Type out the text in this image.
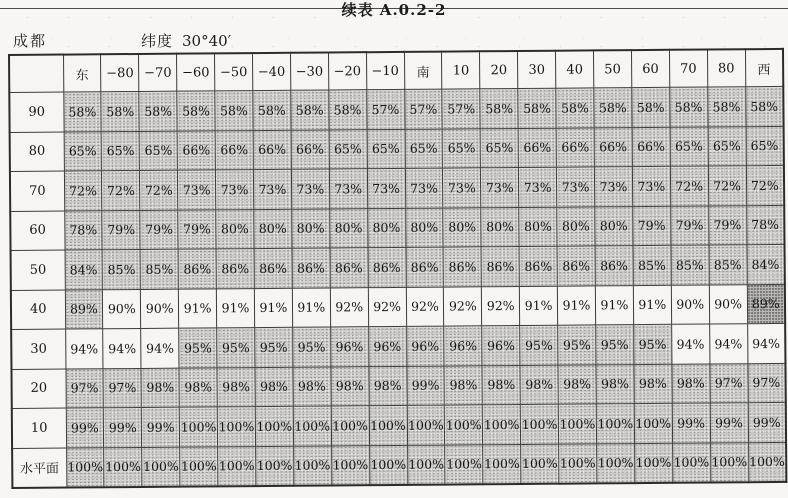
续表 A.0.2-2
成都	纬度 30°40′
	东	−80	−70	−60	−50	−40	−30	−20	−10	南	10	20	30	40	50	60	70	80	西
90	58%	58%	58%	58%	58%	58%	58%	58%	57%	57%	57%	58%	58%	58%	58%	58%	58%	58%	58%
80	65%	65%	65%	66%	66%	66%	66%	65%	65%	65%	65%	65%	66%	66%	66%	66%	65%	65%	65%
70	72%	72%	72%	73%	73%	73%	73%	73%	73%	73%	73%	73%	73%	73%	73%	73%	72%	72%	72%
60	78%	79%	79%	79%	80%	80%	80%	80%	80%	80%	80%	80%	80%	80%	80%	79%	79%	79%	78%
50	84%	85%	85%	86%	86%	86%	86%	86%	86%	86%	86%	86%	86%	86%	86%	85%	85%	85%	84%
40	89%	90%	90%	91%	91%	91%	91%	92%	92%	92%	92%	92%	91%	91%	91%	91%	90%	90%	89%
30	94%	94%	94%	95%	95%	95%	95%	96%	96%	96%	96%	96%	95%	95%	95%	95%	94%	94%	94%
20	97%	97%	98%	98%	98%	98%	98%	98%	98%	99%	98%	98%	98%	98%	98%	98%	98%	97%	97%
10	99%	99%	99%	100%	100%	100%	100%	100%	100%	100%	100%	100%	100%	100%	100%	100%	99%	99%	99%
水平面	100%	100%	100%	100%	100%	100%	100%	100%	100%	100%	100%	100%	100%	100%	100%	100%	100%	100%	100%
